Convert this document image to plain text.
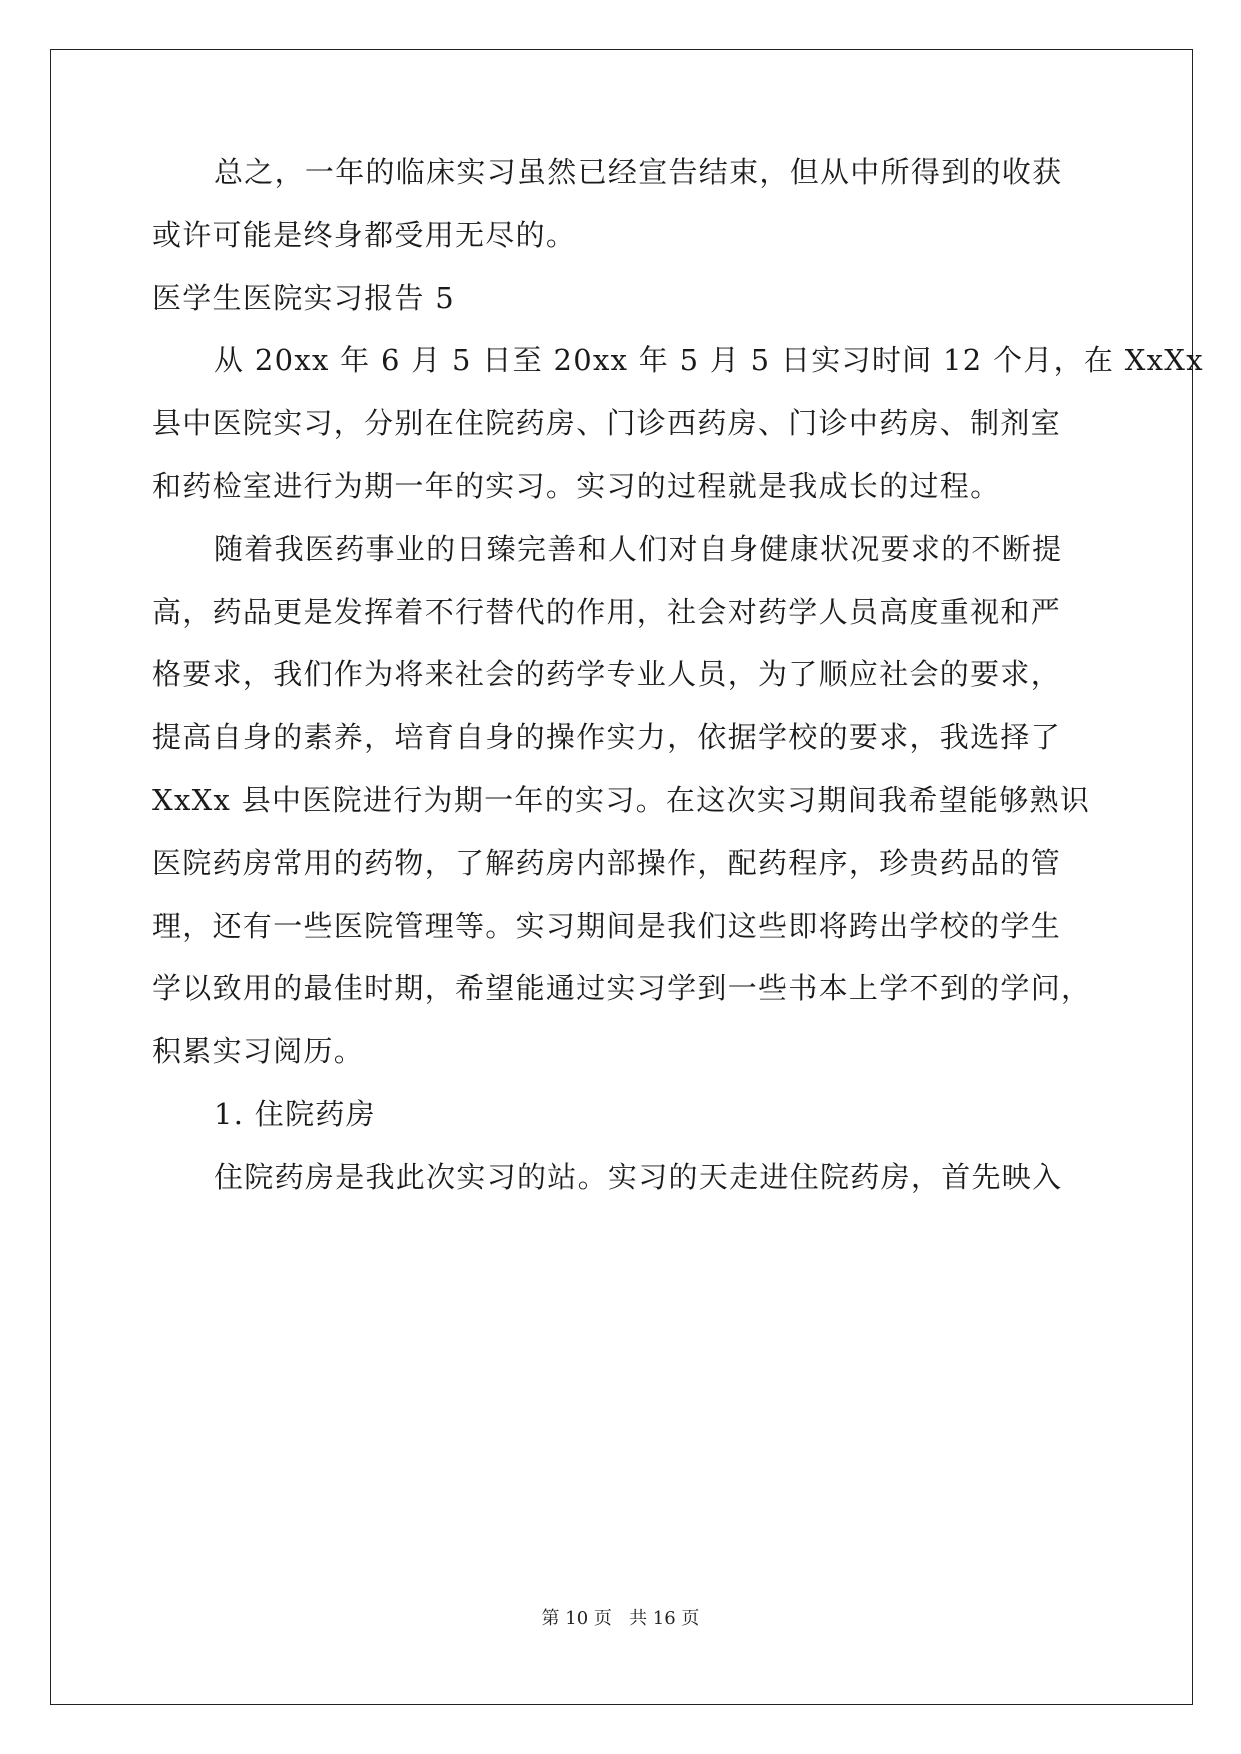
总之，一年的临床实习虽然已经宣告结束，但从中所得到的收获
或许可能是终身都受用无尽的。
医学生医院实习报告 5
从 20xx 年 6 月 5 日至 20xx 年 5 月 5 日实习时间 12 个月，在 XxXx
县中医院实习，分别在住院药房、门诊西药房、门诊中药房、制剂室
和药检室进行为期一年的实习。实习的过程就是我成长的过程。
随着我医药事业的日臻完善和人们对自身健康状况要求的不断提
高，药品更是发挥着不行替代的作用，社会对药学人员高度重视和严
格要求，我们作为将来社会的药学专业人员，为了顺应社会的要求，
提高自身的素养，培育自身的操作实力，依据学校的要求，我选择了
XxXx 县中医院进行为期一年的实习。在这次实习期间我希望能够熟识
医院药房常用的药物，了解药房内部操作，配药程序，珍贵药品的管
理，还有一些医院管理等。实习期间是我们这些即将跨出学校的学生
学以致用的最佳时期，希望能通过实习学到一些书本上学不到的学问，
积累实习阅历。
1. 住院药房
住院药房是我此次实习的站。实习的天走进住院药房，首先映入
第 10 页 共 16 页
